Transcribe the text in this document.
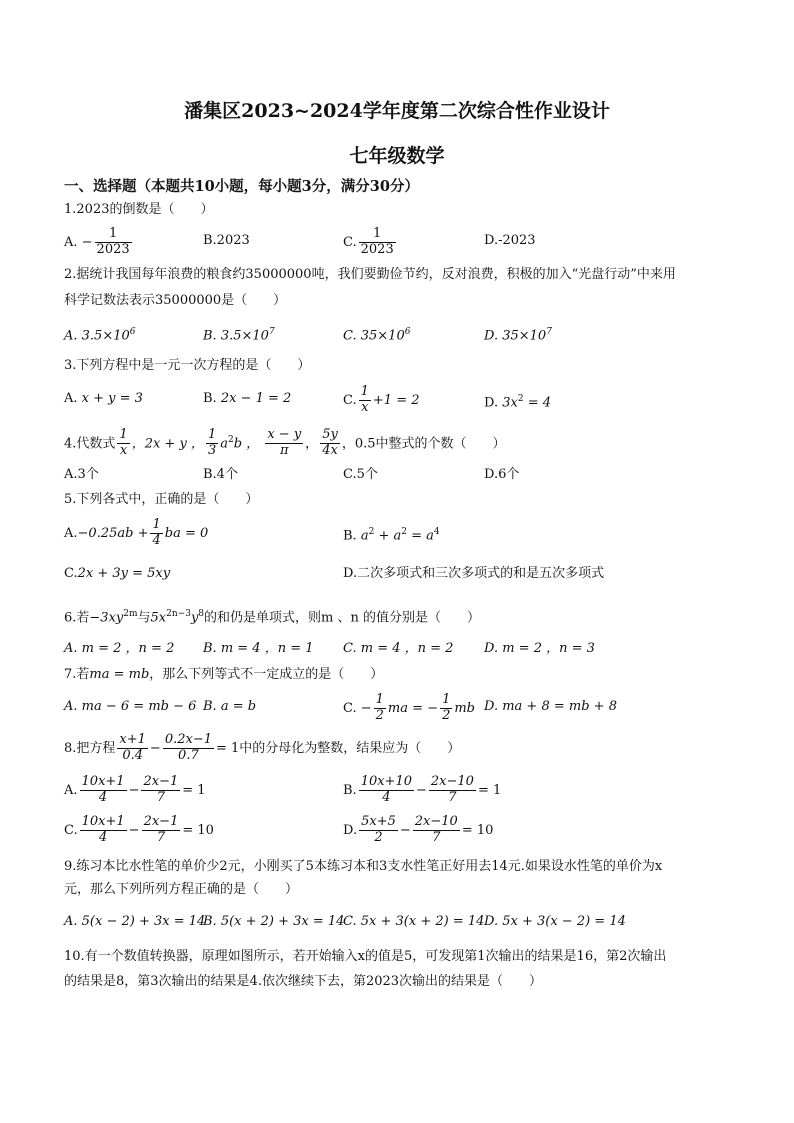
潘集区2023~2024学年度第二次综合性作业设计
七年级数学
一、选择题（本题共10小题，每小题3分，满分30分）
1.2023的倒数是（　　）
A. − $\frac{1}{2023}$	B.2023	C. $\frac{1}{2023}$	D.-2023
2.据统计我国每年浪费的粮食约35000000吨，我们要勤俭节约，反对浪费，积极的加入“光盘行动”中来用
科学记数法表示35000000是（　　）
A. $3.5\times 10^6$	B. $3.5\times 10^7$	C. $35\times 10^6$	D. $35\times 10^7$
3.下列方程中是一元一次方程的是（　　）
A. x + y = 3	B. 2x − 1 = 2	C. $\frac{1}{x} +1 = 2$	D. $3x^2 = 4$
4.代数式 $\frac{1}{x}$ ，2x + y ， $\frac{1}{3} a^2b$ ， $\frac{x - y}{\pi}$ ， $\frac{5y}{4x}$ ，0.5中整式的个数（　　）
A.3个	B.4个	C.5个	D.6个
5.下列各式中，正确的是（　　）
$A.-0.25ab + \frac{1}{4}$ ba = 0	B. $a^2 + a^2 = a^4$
C.2x + 3y = 5xy	D.二次多项式和三次多项式的和是五次多项式
6.若$-3xy^{2m}$与$5x^{2n-3}y^8$的和仍是单项式，则m 、n 的值分别是（　　）
A. m = 2 ，n = 2 B. m = 4 ，n = 1 C. m = 4 ，n = 2 D. m = 2 ，n = 3
7.若ma = mb，那么下列等式不一定成立的是（　　）
A. ma − 6 = mb − 6 B. a = b	C. − $\frac{1}{2}$ ma = − $\frac{1}{2}$ mb D. ma + 8 = mb + 8
8.把方程 $\frac{x+1}{0.4} - \frac{0.2x-1}{0.7} = 1$中的分母化为整数，结果应为（　　）
A. $\frac{10x+1}{4} - \frac{2x-1}{7} = 1$	B. $\frac{10x+10}{4} - \frac{2x-10}{7} = 1$
C. $\frac{10x+1}{4} - \frac{2x-1}{7} = 10$	D. $\frac{5x+5}{2} - \frac{2x-10}{7} = 10$
9.练习本比水性笔的单价少2元，小刚买了5本练习本和3支水性笔正好用去14元.如果设水性笔的单价为x
元，那么下列所列方程正确的是（　　）
A. 5(x − 2) + 3x = 14
B. 5(x + 2) + 3x = 14
C. 5x + 3(x + 2) = 14 D. 5x + 3(x − 2) = 14
10.有一个数值转换器，原理如图所示，若开始输入x的值是5，可发现第1次输出的结果是16，第2次输出
的结果是8，第3次输出的结果是4.依次继续下去，第2023次输出的结果是（　　）
